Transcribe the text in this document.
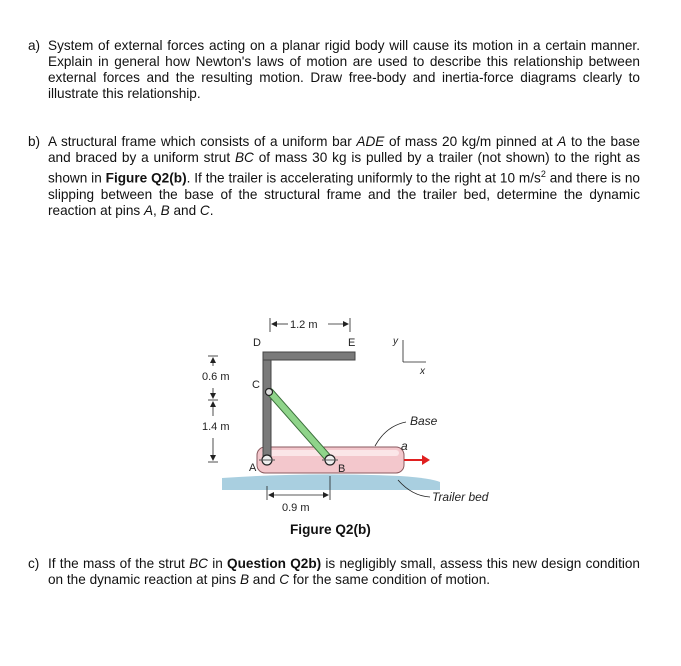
a) System of external forces acting on a planar rigid body will cause its motion in a certain manner. Explain in general how Newton's laws of motion are used to describe this relationship between external forces and the resulting motion. Draw free-body and inertia-force diagrams clearly to illustrate this relationship.
b) A structural frame which consists of a uniform bar ADE of mass 20 kg/m pinned at A to the base and braced by a uniform strut BC of mass 30 kg is pulled by a trailer (not shown) to the right as shown in Figure Q2(b). If the trailer is accelerating uniformly to the right at 10 $m/s^2$ and there is no slipping between the base of the structural frame and the trailer bed, determine the dynamic reaction at pins A, B and C.
a
1.2 m
D	E
C
A	B
0.6 m
1.4 m
0.9 m
y
x
Base
Trailer bed
Figure Q2(b)
c) If the mass of the strut BC in Question Q2b) is negligibly small, assess this new design condition on the dynamic reaction at pins B and C for the same condition of motion.
